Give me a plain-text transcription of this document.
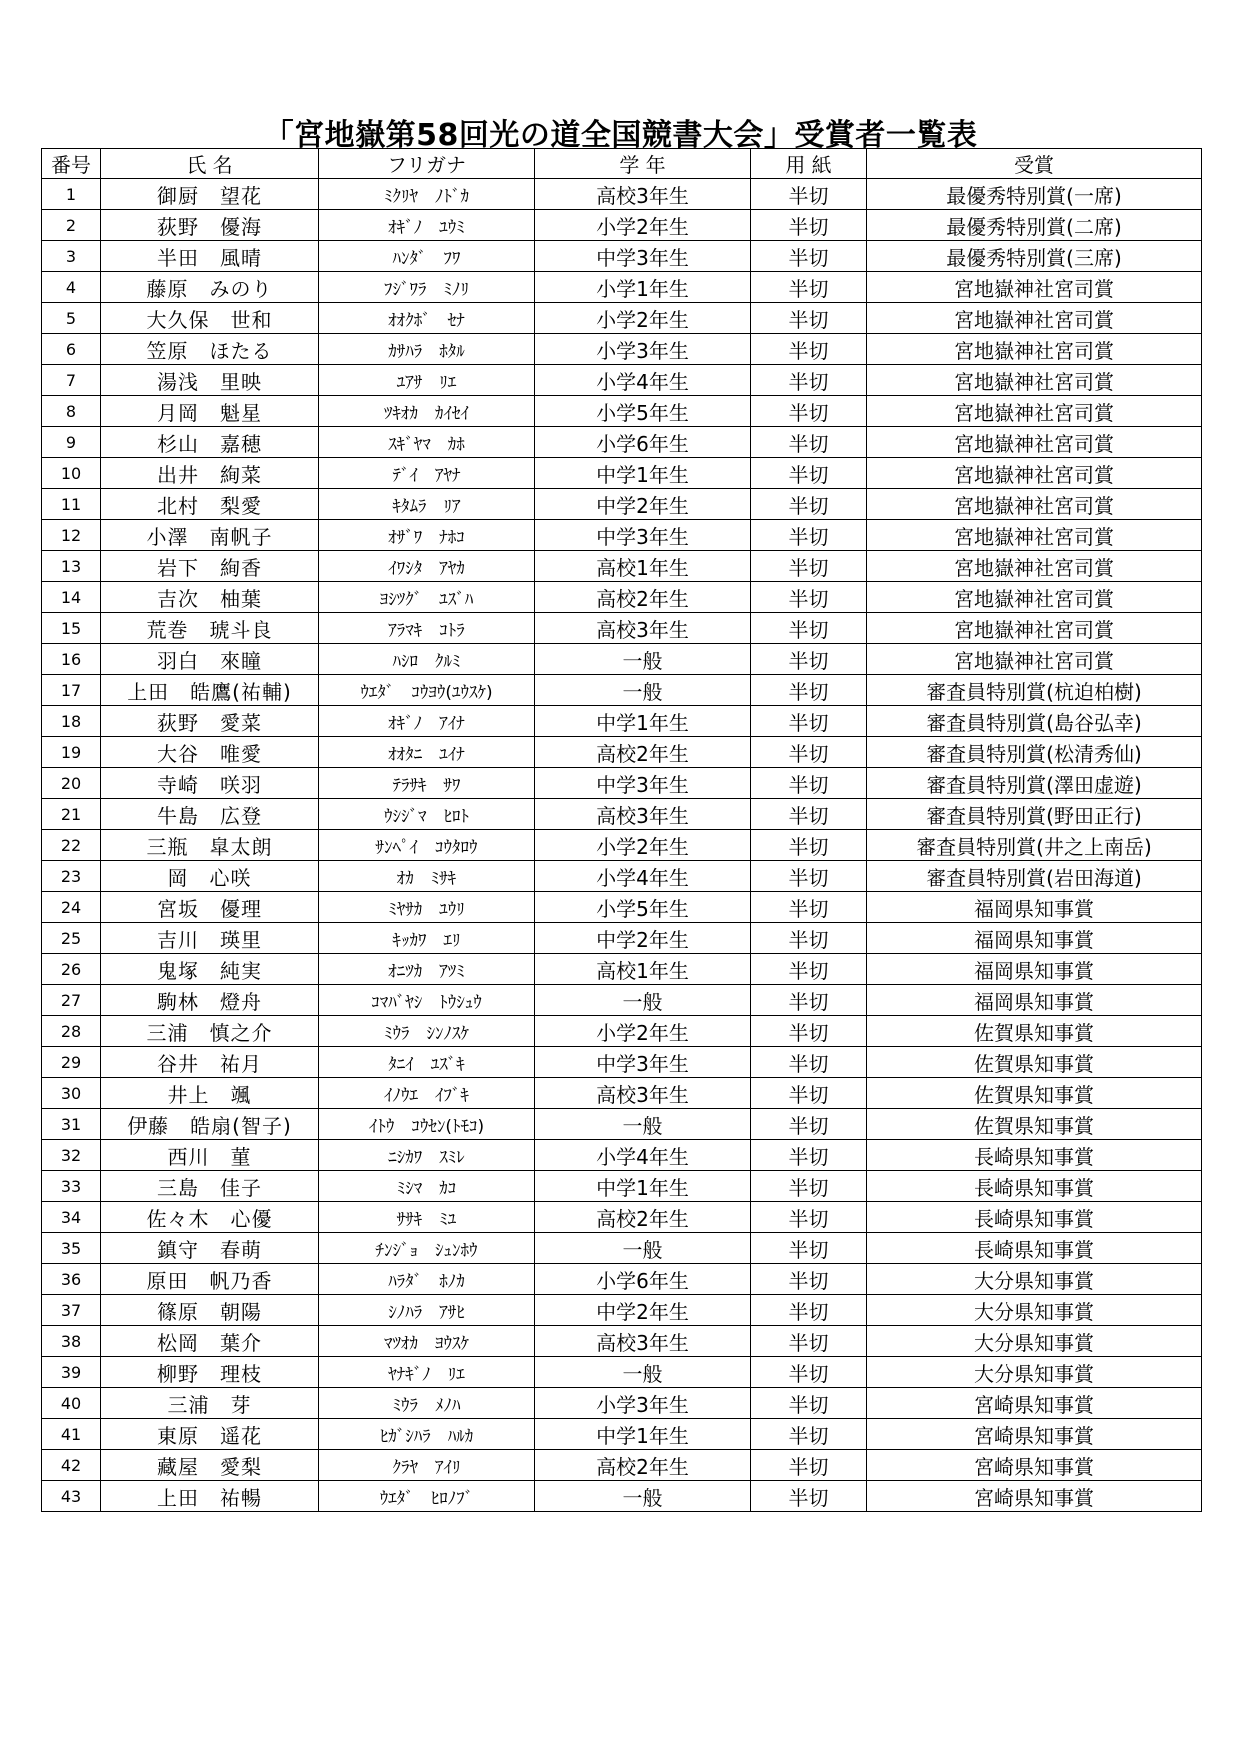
「宮地嶽第58回光の道全国競書大会」受賞者一覧表
番号	氏 名	フリガナ	学 年	用 紙	受賞
1	御厨　望花	ﾐｸﾘﾔ　ﾉﾄﾞｶ	高校3年生	半切	最優秀特別賞(一席)
2	荻野　優海	ｵｷﾞﾉ　ﾕｳﾐ	小学2年生	半切	最優秀特別賞(二席)
3	半田　風晴	ﾊﾝﾀﾞ　ﾌﾜ	中学3年生	半切	最優秀特別賞(三席)
4	藤原　みのり	ﾌｼﾞﾜﾗ　ﾐﾉﾘ	小学1年生	半切	宮地嶽神社宮司賞
5	大久保　世和	ｵｵｸﾎﾞ　ｾﾅ	小学2年生	半切	宮地嶽神社宮司賞
6	笠原　ほたる	ｶｻﾊﾗ　ﾎﾀﾙ	小学3年生	半切	宮地嶽神社宮司賞
7	湯浅　里映	ﾕｱｻ　ﾘｴ	小学4年生	半切	宮地嶽神社宮司賞
8	月岡　魁星	ﾂｷｵｶ　ｶｲｾｲ	小学5年生	半切	宮地嶽神社宮司賞
9	杉山　嘉穂	ｽｷﾞﾔﾏ　ｶﾎ	小学6年生	半切	宮地嶽神社宮司賞
10	出井　絢菜	ﾃﾞｲ　ｱﾔﾅ	中学1年生	半切	宮地嶽神社宮司賞
11	北村　梨愛	ｷﾀﾑﾗ　ﾘｱ	中学2年生	半切	宮地嶽神社宮司賞
12	小澤　南帆子	ｵｻﾞﾜ　ﾅﾎｺ	中学3年生	半切	宮地嶽神社宮司賞
13	岩下　絢香	ｲﾜｼﾀ　ｱﾔｶ	高校1年生	半切	宮地嶽神社宮司賞
14	吉次　柚葉	ﾖｼﾂｸﾞ　ﾕｽﾞﾊ	高校2年生	半切	宮地嶽神社宮司賞
15	荒巻　琥斗良	ｱﾗﾏｷ　ｺﾄﾗ	高校3年生	半切	宮地嶽神社宮司賞
16	羽白　來瞳	ﾊｼﾛ　ｸﾙﾐ	一般	半切	宮地嶽神社宮司賞
17	上田　皓鷹(祐輔)	ｳｴﾀﾞ　ｺｳﾖｳ(ﾕｳｽｹ)	一般	半切	審査員特別賞(杭迫柏樹)
18	荻野　愛菜	ｵｷﾞﾉ　ｱｲﾅ	中学1年生	半切	審査員特別賞(島谷弘幸)
19	大谷　唯愛	ｵｵﾀﾆ　ﾕｲﾅ	高校2年生	半切	審査員特別賞(松清秀仙)
20	寺崎　咲羽	ﾃﾗｻｷ　ｻﾜ	中学3年生	半切	審査員特別賞(澤田虚遊)
21	牛島　広登	ｳｼｼﾞﾏ　ﾋﾛﾄ	高校3年生	半切	審査員特別賞(野田正行)
22	三瓶　皐太朗	ｻﾝﾍﾟｲ　ｺｳﾀﾛｳ	小学2年生	半切	審査員特別賞(井之上南岳)
23	岡　心咲	ｵｶ　ﾐｻｷ	小学4年生	半切	審査員特別賞(岩田海道)
24	宮坂　優理	ﾐﾔｻｶ　ﾕｳﾘ	小学5年生	半切	福岡県知事賞
25	吉川　瑛里	ｷｯｶﾜ　ｴﾘ	中学2年生	半切	福岡県知事賞
26	鬼塚　純実	ｵﾆﾂｶ　ｱﾂﾐ	高校1年生	半切	福岡県知事賞
27	駒林　燈舟	ｺﾏﾊﾞﾔｼ　ﾄｳｼｭｳ	一般	半切	福岡県知事賞
28	三浦　慎之介	ﾐｳﾗ　ｼﾝﾉｽｹ	小学2年生	半切	佐賀県知事賞
29	谷井　祐月	ﾀﾆｲ　ﾕｽﾞｷ	中学3年生	半切	佐賀県知事賞
30	井上　颯	ｲﾉｳｴ　ｲﾌﾞｷ	高校3年生	半切	佐賀県知事賞
31	伊藤　皓扇(智子)	ｲﾄｳ　ｺｳｾﾝ(ﾄﾓｺ)	一般	半切	佐賀県知事賞
32	西川　菫	ﾆｼｶﾜ　ｽﾐﾚ	小学4年生	半切	長崎県知事賞
33	三島　佳子	ﾐｼﾏ　ｶｺ	中学1年生	半切	長崎県知事賞
34	佐々木　心優	ｻｻｷ　ﾐﾕ	高校2年生	半切	長崎県知事賞
35	鎮守　春萌	ﾁﾝｼﾞｮ　ｼｭﾝﾎｳ	一般	半切	長崎県知事賞
36	原田　帆乃香	ﾊﾗﾀﾞ　ﾎﾉｶ	小学6年生	半切	大分県知事賞
37	篠原　朝陽	ｼﾉﾊﾗ　ｱｻﾋ	中学2年生	半切	大分県知事賞
38	松岡　葉介	ﾏﾂｵｶ　ﾖｳｽｹ	高校3年生	半切	大分県知事賞
39	柳野　理枝	ﾔﾅｷﾞﾉ　ﾘｴ	一般	半切	大分県知事賞
40	三浦　芽	ﾐｳﾗ　ﾒﾉﾊ	小学3年生	半切	宮崎県知事賞
41	東原　遥花	ﾋｶﾞｼﾊﾗ　ﾊﾙｶ	中学1年生	半切	宮崎県知事賞
42	藏屋　愛梨	ｸﾗﾔ　ｱｲﾘ	高校2年生	半切	宮崎県知事賞
43	上田　祐暢	ｳｴﾀﾞ　ﾋﾛﾉﾌﾞ	一般	半切	宮崎県知事賞
